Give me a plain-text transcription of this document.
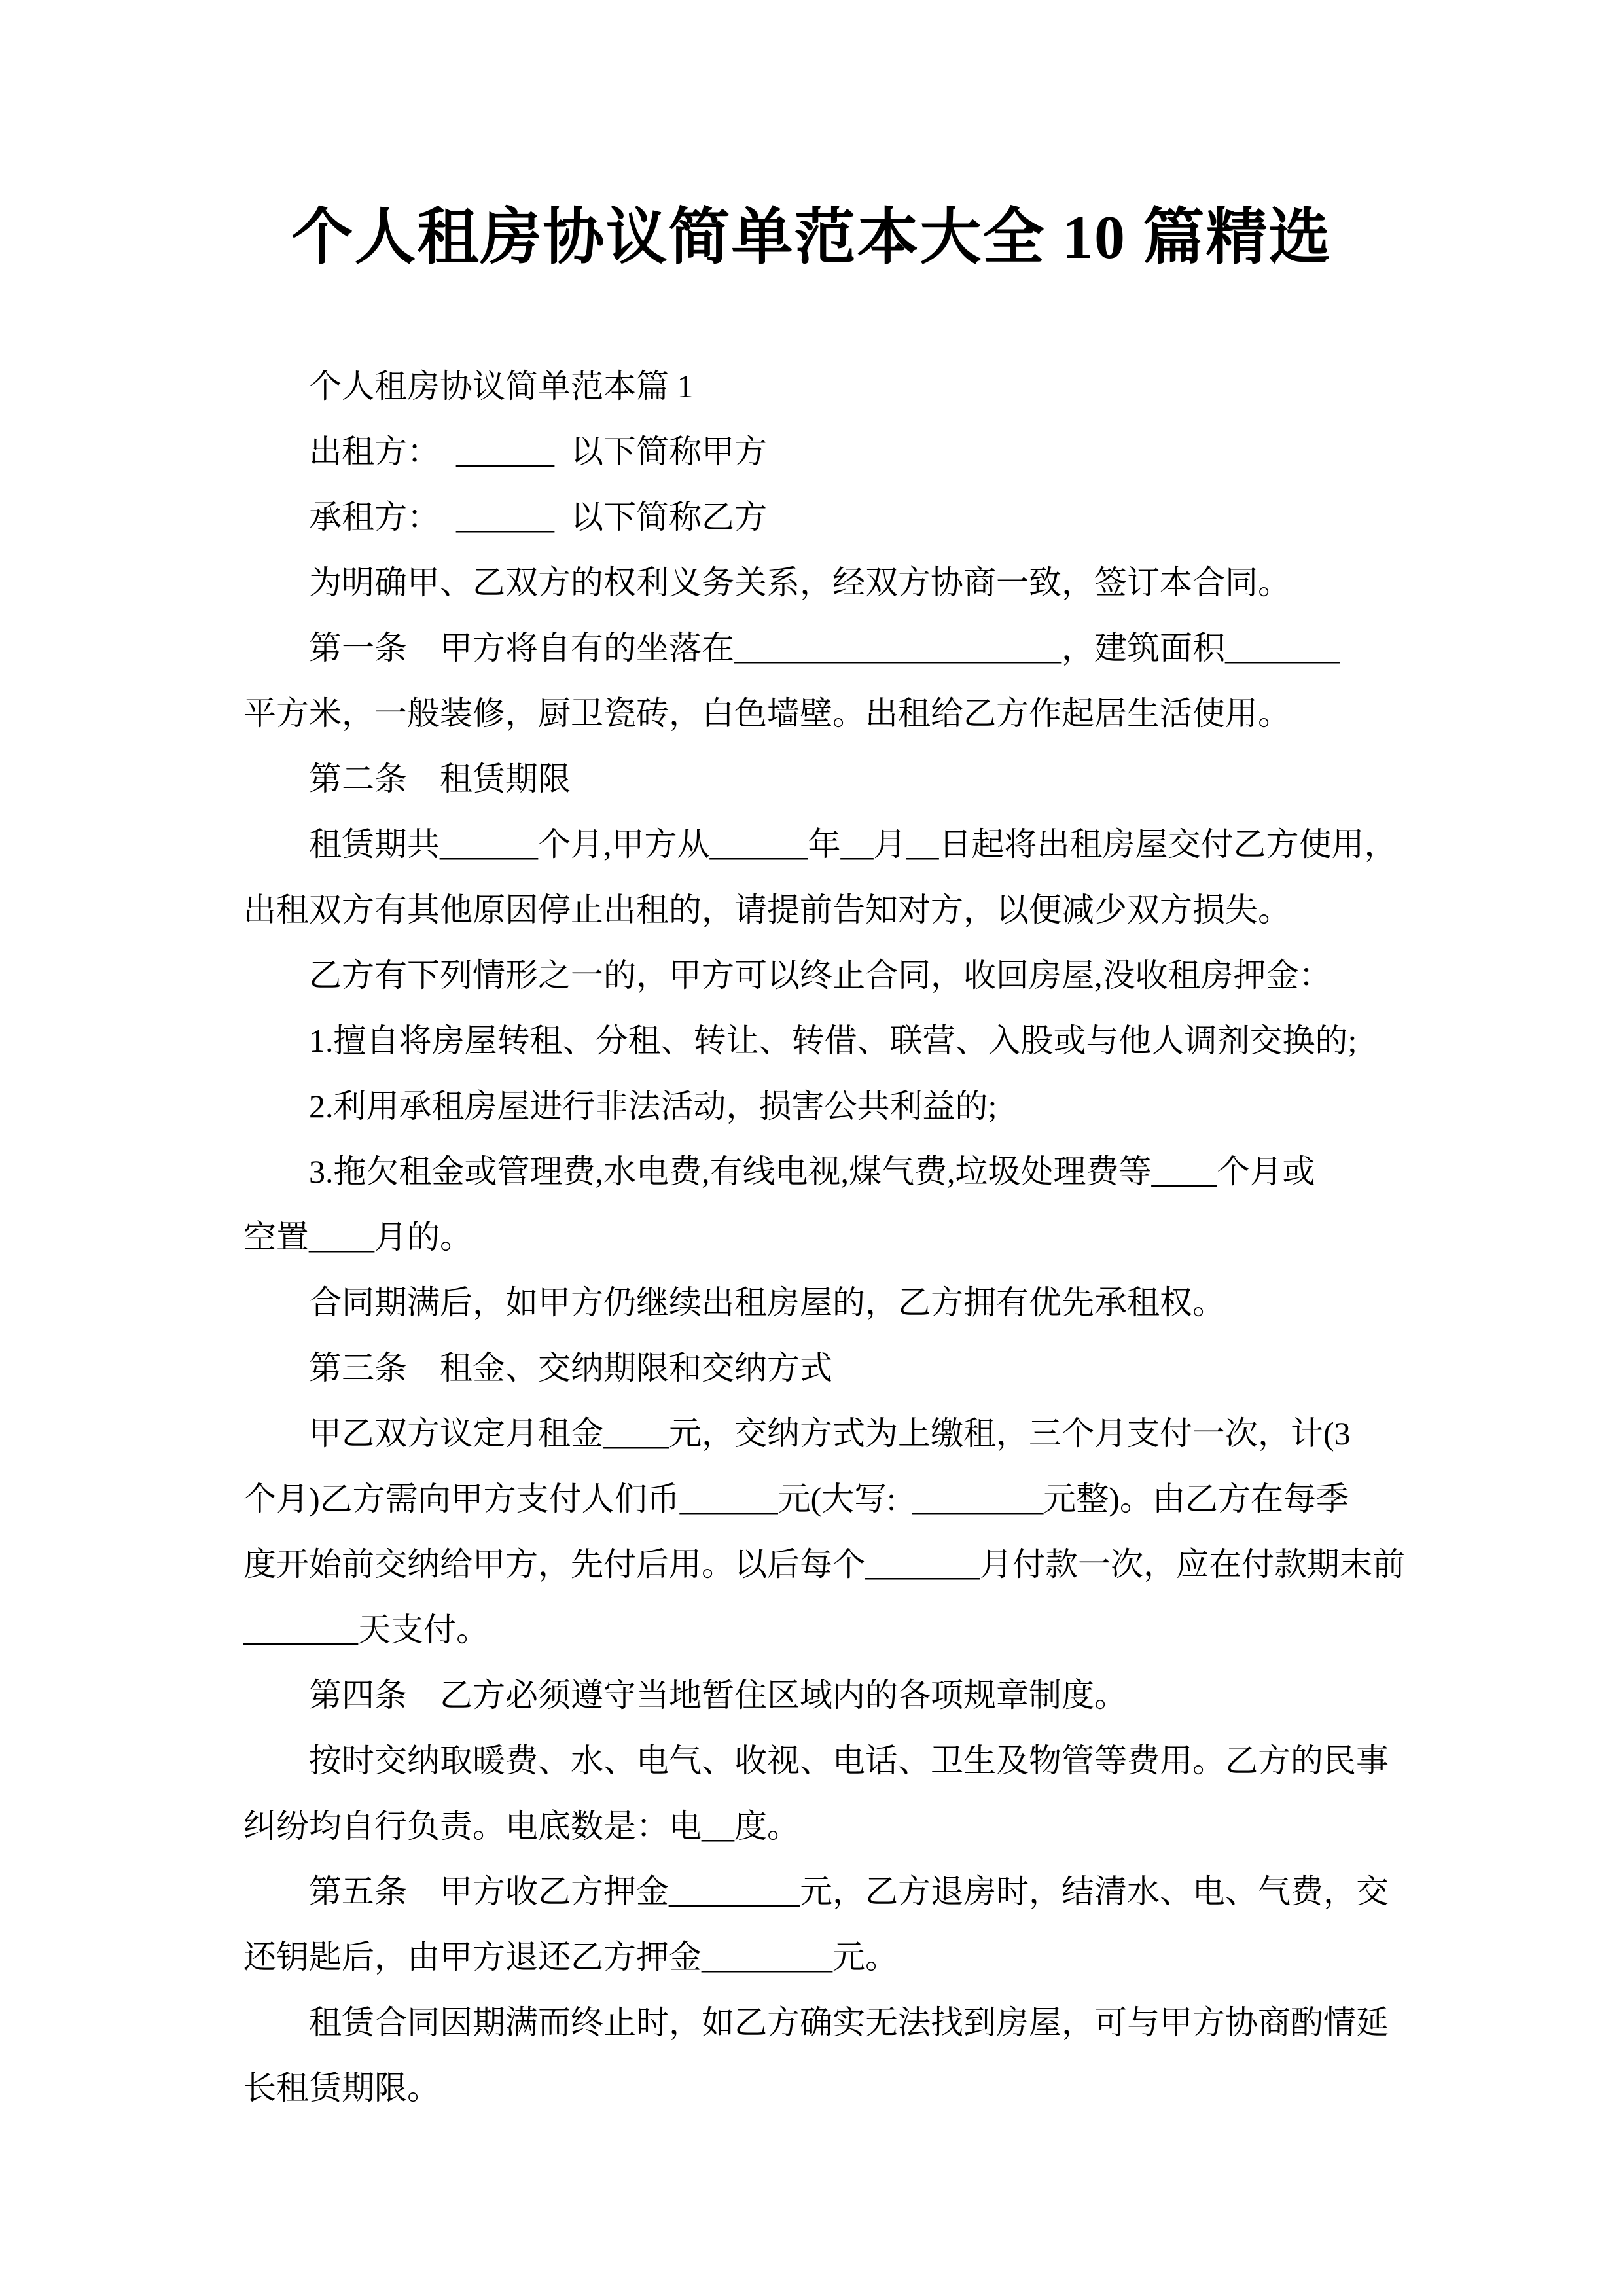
个人租房协议简单范本大全 10 篇精选
个人租房协议简单范本篇 1
出租方：  ______  以下简称甲方
承租方：  ______  以下简称乙方
为明确甲、乙双方的权利义务关系，经双方协商一致，签订本合同。
第一条　甲方将自有的坐落在____________________，建筑面积_______
平方米，一般装修，厨卫瓷砖，白色墙壁。出租给乙方作起居生活使用。
第二条　租赁期限
租赁期共______个月,甲方从______年__月__日起将出租房屋交付乙方使用，
出租双方有其他原因停止出租的，请提前告知对方，以便减少双方损失。
乙方有下列情形之一的，甲方可以终止合同，收回房屋,没收租房押金：
1.擅自将房屋转租、分租、转让、转借、联营、入股或与他人调剂交换的;
2.利用承租房屋进行非法活动，损害公共利益的;
3.拖欠租金或管理费,水电费,有线电视,煤气费,垃圾处理费等____个月或
空置____月的。
合同期满后，如甲方仍继续出租房屋的，乙方拥有优先承租权。
第三条　租金、交纳期限和交纳方式
甲乙双方议定月租金____元，交纳方式为上缴租，三个月支付一次，计(3
个月)乙方需向甲方支付人们币______元(大写:  ________元整)。由乙方在每季
度开始前交纳给甲方，先付后用。以后每个_______月付款一次，应在付款期末前
_______天支付。
第四条　乙方必须遵守当地暂住区域内的各项规章制度。
按时交纳取暖费、水、电气、收视、电话、卫生及物管等费用。乙方的民事
纠纷均自行负责。电底数是：电__度。
第五条　甲方收乙方押金________元，乙方退房时，结清水、电、气费，交
还钥匙后，由甲方退还乙方押金________元。
租赁合同因期满而终止时，如乙方确实无法找到房屋，可与甲方协商酌情延
长租赁期限。
